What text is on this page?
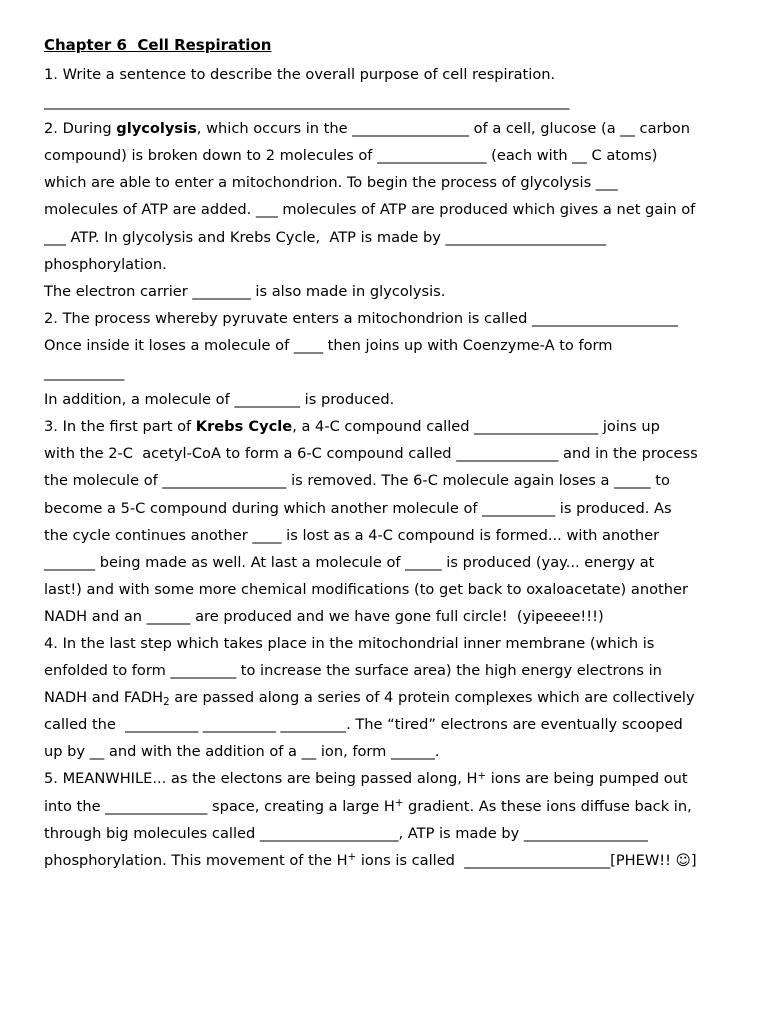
Chapter 6  Cell Respiration
1. Write a sentence to describe the overall purpose of cell respiration.
________________________________________________________________________
2. During glycolysis, which occurs in the ________________ of a cell, glucose (a __ carbon
compound) is broken down to 2 molecules of _______________ (each with __ C atoms)
which are able to enter a mitochondrion. To begin the process of glycolysis ___
molecules of ATP are added. ___ molecules of ATP are produced which gives a net gain of
___ ATP. In glycolysis and Krebs Cycle,  ATP is made by ______________________
phosphorylation.
The electron carrier ________ is also made in glycolysis.
2. The process whereby pyruvate enters a mitochondrion is called ____________________
Once inside it loses a molecule of ____ then joins up with Coenzyme-A to form
___________
In addition, a molecule of _________ is produced.
3. In the first part of Krebs Cycle, a 4-C compound called _________________ joins up
with the 2-C  acetyl-CoA to form a 6-C compound called ______________ and in the process
the molecule of _________________ is removed. The 6-C molecule again loses a _____ to
become a 5-C compound during which another molecule of __________ is produced. As
the cycle continues another ____ is lost as a 4-C compound is formed... with another
_______ being made as well. At last a molecule of _____ is produced (yay... energy at
last!) and with some more chemical modifications (to get back to oxaloacetate) another
NADH and an ______ are produced and we have gone full circle!  (yipeeee!!!)
4. In the last step which takes place in the mitochondrial inner membrane (which is
enfolded to form _________ to increase the surface area) the high energy electrons in
NADH and $FADH_2$ are passed along a series of 4 protein complexes which are collectively
called the  __________ __________ _________. The “tired” electrons are eventually scooped
up by __ and with the addition of a __ ion, form ______.
5. MEANWHILE... as the electons are being passed along, H+ ions are being pumped out
into the ______________ space, creating a large H+ gradient. As these ions diffuse back in,
through big molecules called ___________________, ATP is made by _________________
phosphorylation. This movement of the H+ ions is called  ____________________[PHEW!! ☺]
